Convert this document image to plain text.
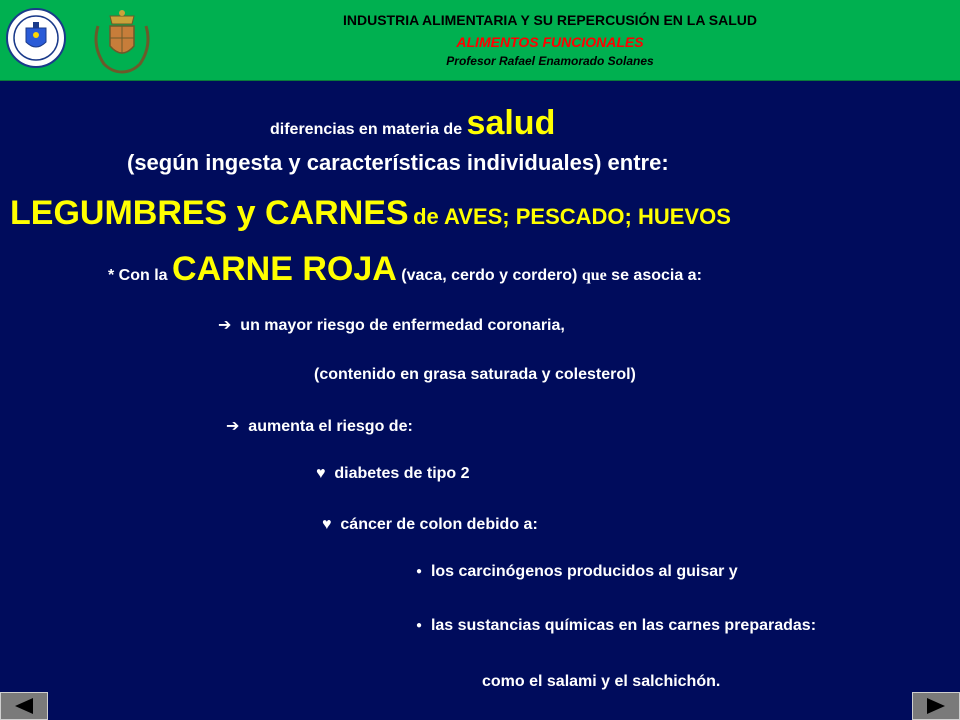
INDUSTRIA ALIMENTARIA Y SU REPERCUSIÓN EN LA SALUD
ALIMENTOS FUNCIONALES
Profesor Rafael Enamorado Solanes
diferencias en materia de salud
(según ingesta y características individuales) entre:
LEGUMBRES y CARNES de AVES; PESCADO; HUEVOS
* Con la CARNE ROJA (vaca, cerdo y cordero) que se asocia a:
➔ un mayor riesgo de enfermedad coronaria,
(contenido en grasa saturada y colesterol)
➔ aumenta el riesgo de:
♥ diabetes de tipo 2
♥ cáncer de colon debido a:
● los carcinógenos producidos al guisar y
● las sustancias químicas en las carnes preparadas:
como el salami y el salchichón.
